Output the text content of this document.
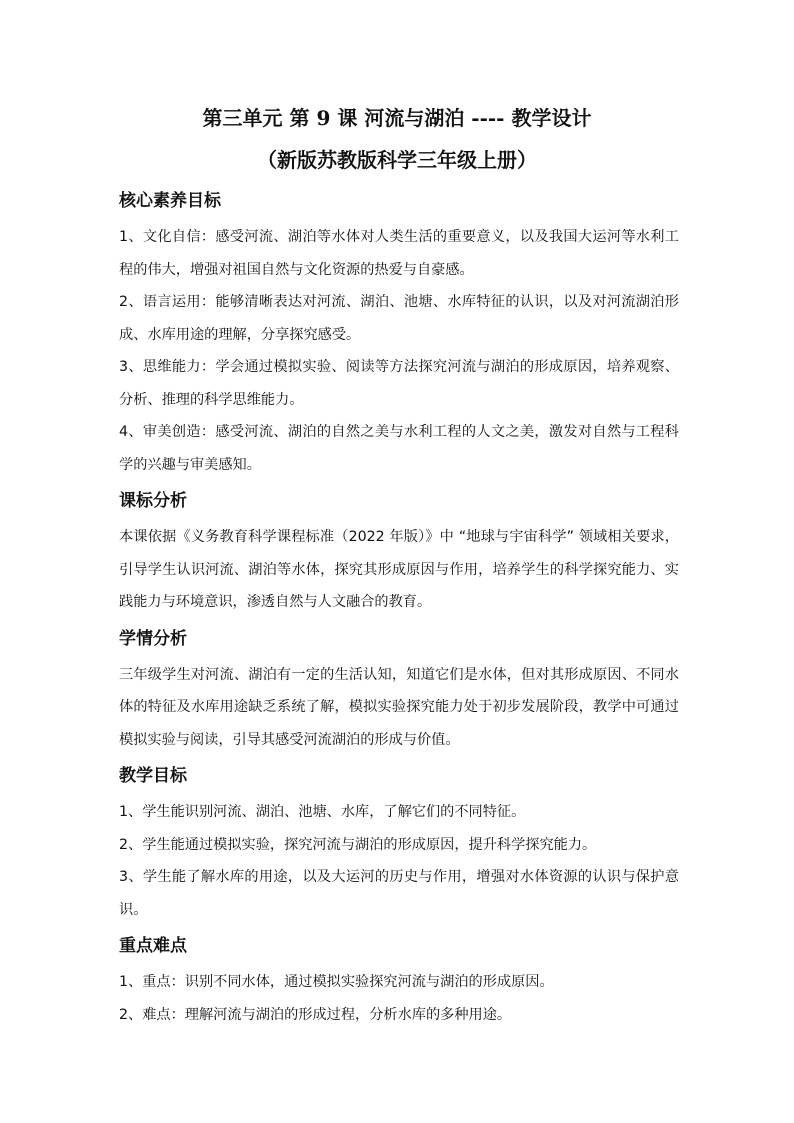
第三单元 第 9 课 河流与湖泊 ---- 教学设计
（新版苏教版科学三年级上册）
核心素养目标

1、文化自信：感受河流、湖泊等水体对人类生活的重要意义，以及我国大运河等水利工程的伟大，增强对祖国自然与文化资源的热爱与自豪感。

2、语言运用：能够清晰表达对河流、湖泊、池塘、水库特征的认识，以及对河流湖泊形成、水库用途的理解，分享探究感受。

3、思维能力：学会通过模拟实验、阅读等方法探究河流与湖泊的形成原因，培养观察、分析、推理的科学思维能力。

4、审美创造：感受河流、湖泊的自然之美与水利工程的人文之美，激发对自然与工程科学的兴趣与审美感知。

课标分析

本课依据《义务教育科学课程标准（2022 年版）》中 “地球与宇宙科学” 领域相关要求，引导学生认识河流、湖泊等水体，探究其形成原因与作用，培养学生的科学探究能力、实践能力与环境意识，渗透自然与人文融合的教育。

学情分析

三年级学生对河流、湖泊有一定的生活认知，知道它们是水体，但对其形成原因、不同水体的特征及水库用途缺乏系统了解，模拟实验探究能力处于初步发展阶段，教学中可通过模拟实验与阅读，引导其感受河流湖泊的形成与价值。

教学目标

1、学生能识别河流、湖泊、池塘、水库，了解它们的不同特征。

2、学生能通过模拟实验，探究河流与湖泊的形成原因，提升科学探究能力。

3、学生能了解水库的用途，以及大运河的历史与作用，增强对水体资源的认识与保护意识。

重点难点

1、重点：识别不同水体，通过模拟实验探究河流与湖泊的形成原因。

2、难点：理解河流与湖泊的形成过程，分析水库的多种用途。
